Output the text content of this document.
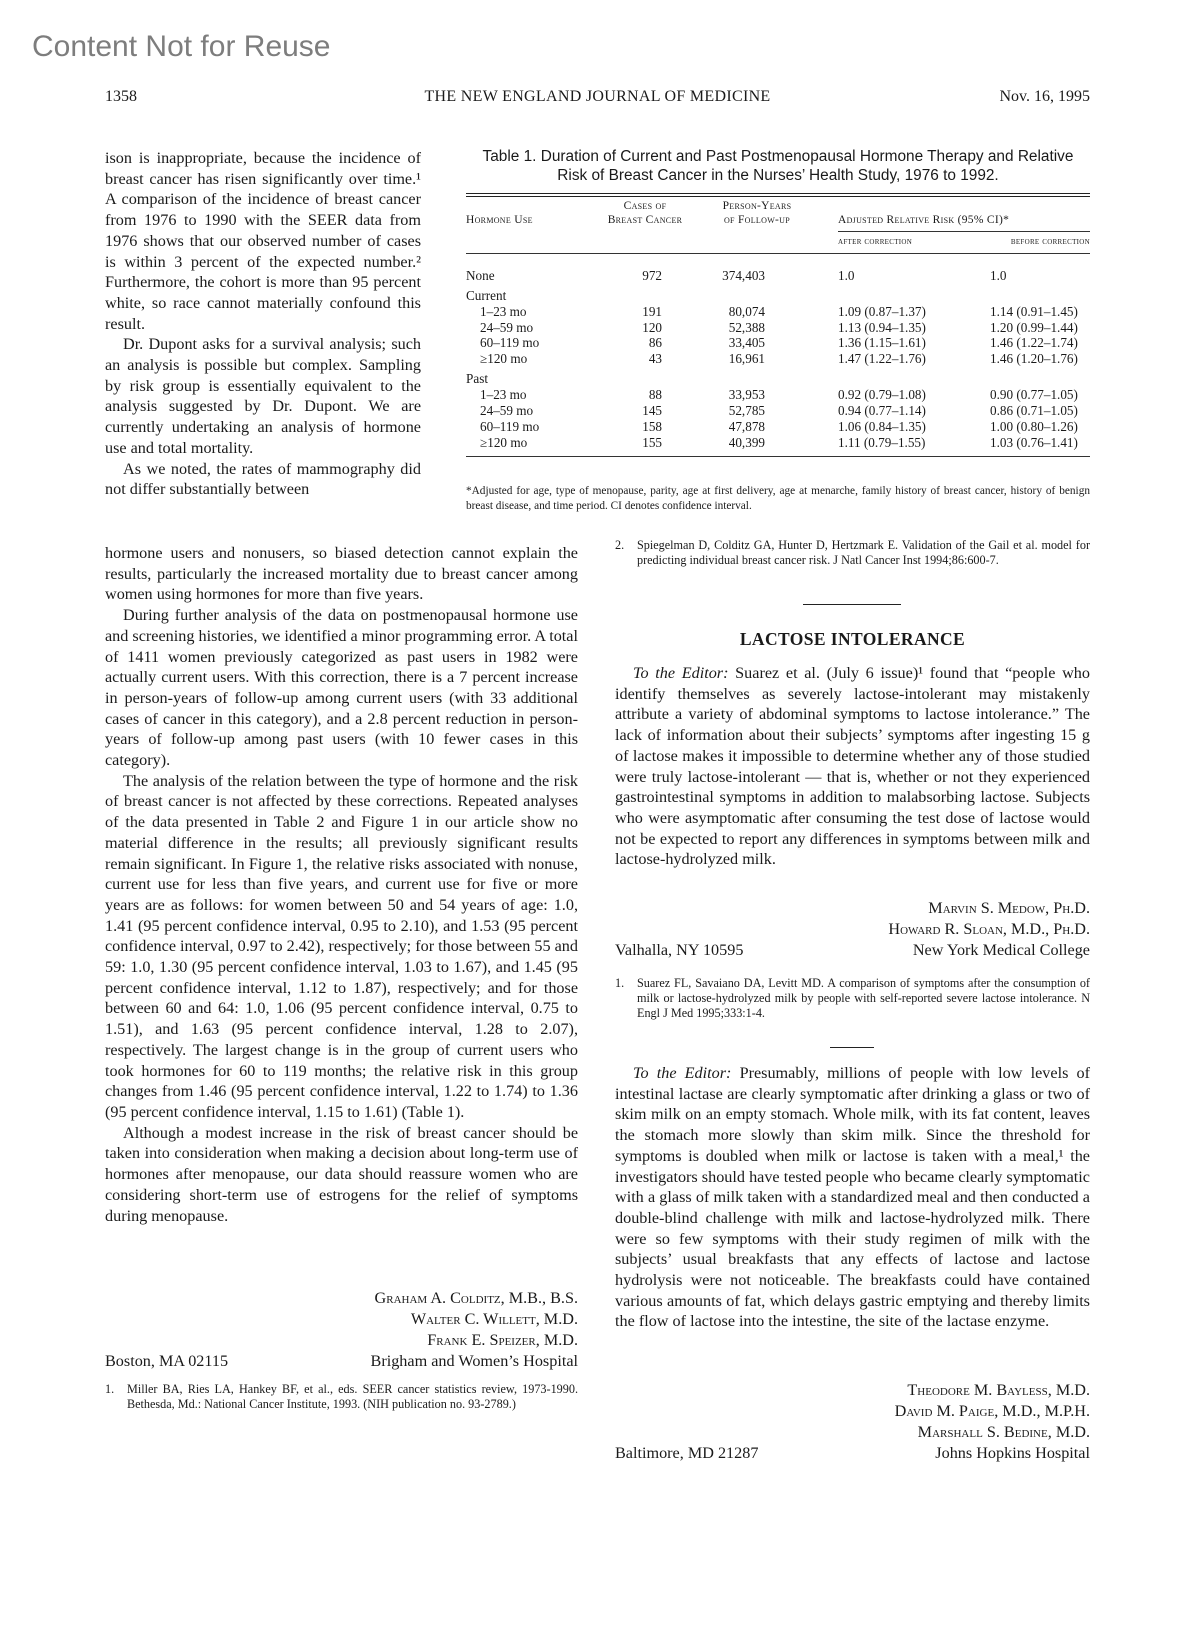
Content Not for Reuse
1358	THE NEW ENGLAND JOURNAL OF MEDICINE	Nov. 16, 1995

ison is inappropriate, because the incidence of breast cancer has risen significantly over time.¹ A comparison of the incidence of breast cancer from 1976 to 1990 with the SEER data from 1976 shows that our observed number of cases is within 3 percent of the expected number.² Furthermore, the cohort is more than 95 percent white, so race cannot materially confound this result.

Dr. Dupont asks for a survival analysis; such an analysis is possible but complex. Sampling by risk group is essentially equivalent to the analysis suggested by Dr. Dupont. We are currently undertaking an analysis of hormone use and total mortality.

As we noted, the rates of mammography did not differ substantially between

Table 1. Duration of Current and Past Postmenopausal Hormone Therapy and Relative Risk of Breast Cancer in the Nurses’ Health Study, 1976 to 1992.
Hormone Use
Cases of
Breast Cancer
Person-Years
of Follow-up	Adjusted Relative Risk (95% CI)*
after correction	before correction
None	972	374,403	1.0	1.0
Current
1–23 mo	191	80,074	1.09 (0.87–1.37)	1.14 (0.91–1.45)
24–59 mo	120	52,388	1.13 (0.94–1.35)	1.20 (0.99–1.44)
60–119 mo	86	33,405	1.36 (1.15–1.61)	1.46 (1.22–1.74)
≥120 mo	43	16,961	1.47 (1.22–1.76)	1.46 (1.20–1.76)
Past
1–23 mo	88	33,953	0.92 (0.79–1.08)	0.90 (0.77–1.05)
24–59 mo	145	52,785	0.94 (0.77–1.14)	0.86 (0.71–1.05)
60–119 mo	158	47,878	1.06 (0.84–1.35)	1.00 (0.80–1.26)
≥120 mo	155	40,399	1.11 (0.79–1.55)	1.03 (0.76–1.41)
*Adjusted for age, type of menopause, parity, age at first delivery, age at menarche, family history of breast cancer, history of benign breast disease, and time period. CI denotes confidence interval.

hormone users and nonusers, so biased detection cannot explain the results, particularly the increased mortality due to breast cancer among women using hormones for more than five years.

During further analysis of the data on postmenopausal hormone use and screening histories, we identified a minor programming error. A total of 1411 women previously categorized as past users in 1982 were actually current users. With this correction, there is a 7 percent increase in person-years of follow-up among current users (with 33 additional cases of cancer in this category), and a 2.8 percent reduction in person-years of follow-up among past users (with 10 fewer cases in this category).

The analysis of the relation between the type of hormone and the risk of breast cancer is not affected by these corrections. Repeated analyses of the data presented in Table 2 and Figure 1 in our article show no material difference in the results; all previously significant results remain significant. In Figure 1, the relative risks associated with nonuse, current use for less than five years, and current use for five or more years are as follows: for women between 50 and 54 years of age: 1.0, 1.41 (95 percent confidence interval, 0.95 to 2.10), and 1.53 (95 percent confidence interval, 0.97 to 2.42), respectively; for those between 55 and 59: 1.0, 1.30 (95 percent confidence interval, 1.03 to 1.67), and 1.45 (95 percent confidence interval, 1.12 to 1.87), respectively; and for those between 60 and 64: 1.0, 1.06 (95 percent confidence interval, 0.75 to 1.51), and 1.63 (95 percent confidence interval, 1.28 to 2.07), respectively. The largest change is in the group of current users who took hormones for 60 to 119 months; the relative risk in this group changes from 1.46 (95 percent confidence interval, 1.22 to 1.74) to 1.36 (95 percent confidence interval, 1.15 to 1.61) (Table 1).

Although a modest increase in the risk of breast cancer should be taken into consideration when making a decision about long-term use of hormones after menopause, our data should reassure women who are considering short-term use of estrogens for the relief of symptoms during menopause.

Graham A. Colditz, M.B., B.S.
Walter C. Willett, M.D.
Frank E. Speizer, M.D.
Boston, MA 02115	Brigham and Women’s Hospital
1. Miller BA, Ries LA, Hankey BF, et al., eds. SEER cancer statistics review, 1973-1990. Bethesda, Md.: National Cancer Institute, 1993. (NIH publication no. 93-2789.)
2. Spiegelman D, Colditz GA, Hunter D, Hertzmark E. Validation of the Gail et al. model for predicting individual breast cancer risk. J Natl Cancer Inst 1994;86:600-7.
LACTOSE INTOLERANCE

To the Editor: Suarez et al. (July 6 issue)¹ found that “people who identify themselves as severely lactose-intolerant may mistakenly attribute a variety of abdominal symptoms to lactose intolerance.” The lack of information about their subjects’ symptoms after ingesting 15 g of lactose makes it impossible to determine whether any of those studied were truly lactose-intolerant — that is, whether or not they experienced gastrointestinal symptoms in addition to malabsorbing lactose. Subjects who were asymptomatic after consuming the test dose of lactose would not be expected to report any differences in symptoms between milk and lactose-hydrolyzed milk.

Marvin S. Medow, Ph.D.
Howard R. Sloan, M.D., Ph.D.
Valhalla, NY 10595	New York Medical College
1. Suarez FL, Savaiano DA, Levitt MD. A comparison of symptoms after the consumption of milk or lactose-hydrolyzed milk by people with self-reported severe lactose intolerance. N Engl J Med 1995;333:1-4.

To the Editor: Presumably, millions of people with low levels of intestinal lactase are clearly symptomatic after drinking a glass or two of skim milk on an empty stomach. Whole milk, with its fat content, leaves the stomach more slowly than skim milk. Since the threshold for symptoms is doubled when milk or lactose is taken with a meal,¹ the investigators should have tested people who became clearly symptomatic with a glass of milk taken with a standardized meal and then conducted a double-blind challenge with milk and lactose-hydrolyzed milk. There were so few symptoms with their study regimen of milk with the subjects’ usual breakfasts that any effects of lactose and lactose hydrolysis were not noticeable. The breakfasts could have contained various amounts of fat, which delays gastric emptying and thereby limits the flow of lactose into the intestine, the site of the lactase enzyme.

Theodore M. Bayless, M.D.
David M. Paige, M.D., M.P.H.
Marshall S. Bedine, M.D.
Baltimore, MD 21287	Johns Hopkins Hospital
